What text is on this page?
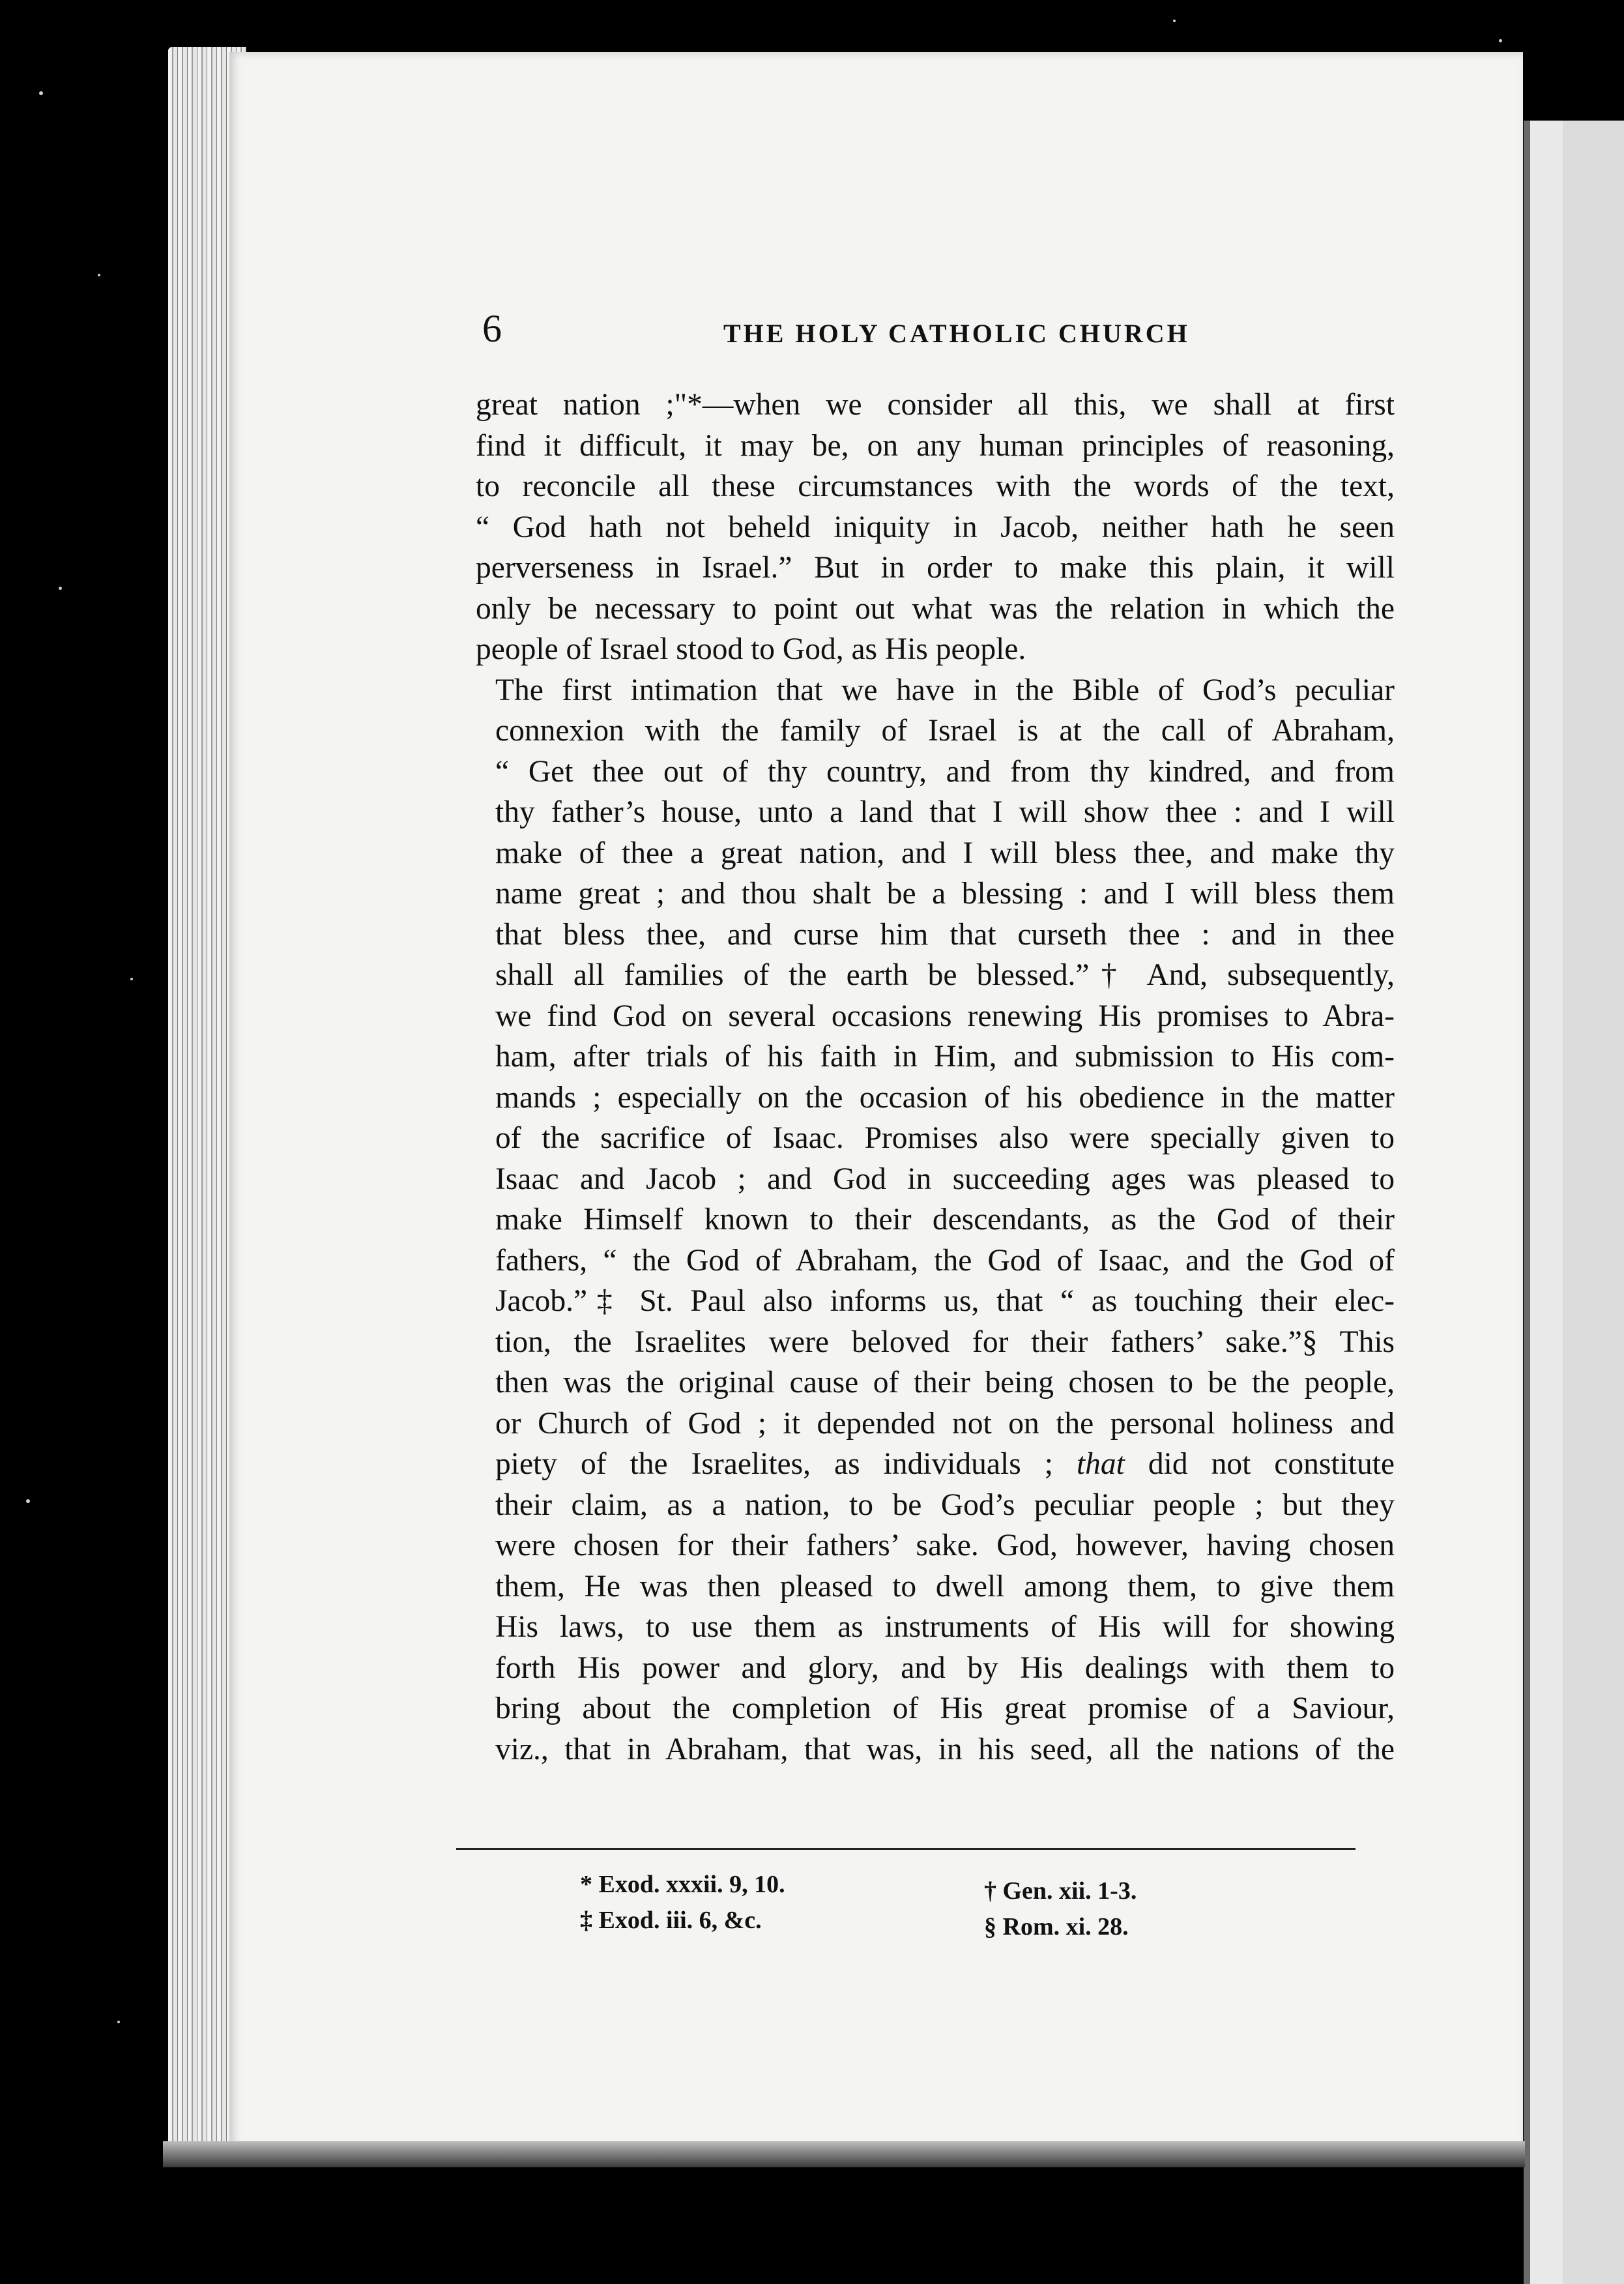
6	THE HOLY CATHOLIC CHURCH

great nation ;"*—when we consider all this, we shall at first
find it difficult, it may be, on any human principles of reasoning,
to reconcile all these circumstances with the words of the text,
“ God hath not beheld iniquity in Jacob, neither hath he seen
perverseness in Israel.” But in order to make this plain, it will
only be necessary to point out what was the relation in which the
people of Israel stood to God, as His people.

The first intimation that we have in the Bible of God’s peculiar
connexion with the family of Israel is at the call of Abraham,
“ Get thee out of thy country, and from thy kindred, and from
thy father’s house, unto a land that I will show thee : and I will
make of thee a great nation, and I will bless thee, and make thy
name great ; and thou shalt be a blessing : and I will bless them
that bless thee, and curse him that curseth thee : and in thee
shall all families of the earth be blessed.”† And, subsequently,
we find God on several occasions renewing His promises to Abra-
ham, after trials of his faith in Him, and submission to His com-
mands ; especially on the occasion of his obedience in the matter
of the sacrifice of Isaac. Promises also were specially given to
Isaac and Jacob ; and God in succeeding ages was pleased to
make Himself known to their descendants, as the God of their
fathers, “ the God of Abraham, the God of Isaac, and the God of
Jacob.”‡ St. Paul also informs us, that “ as touching their elec-
tion, the Israelites were beloved for their fathers’ sake.”§ This
then was the original cause of their being chosen to be the people,
or Church of God ; it depended not on the personal holiness and
piety of the Israelites, as individuals ; that did not constitute
their claim, as a nation, to be God’s peculiar people ; but they
were chosen for their fathers’ sake. God, however, having chosen
them, He was then pleased to dwell among them, to give them
His laws, to use them as instruments of His will for showing
forth His power and glory, and by His dealings with them to
bring about the completion of His great promise of a Saviour,
viz., that in Abraham, that was, in his seed, all the nations of the

* Exod. xxxii. 9, 10.	† Gen. xii. 1-3.
‡ Exod. iii. 6, &c.	§ Rom. xi. 28.
